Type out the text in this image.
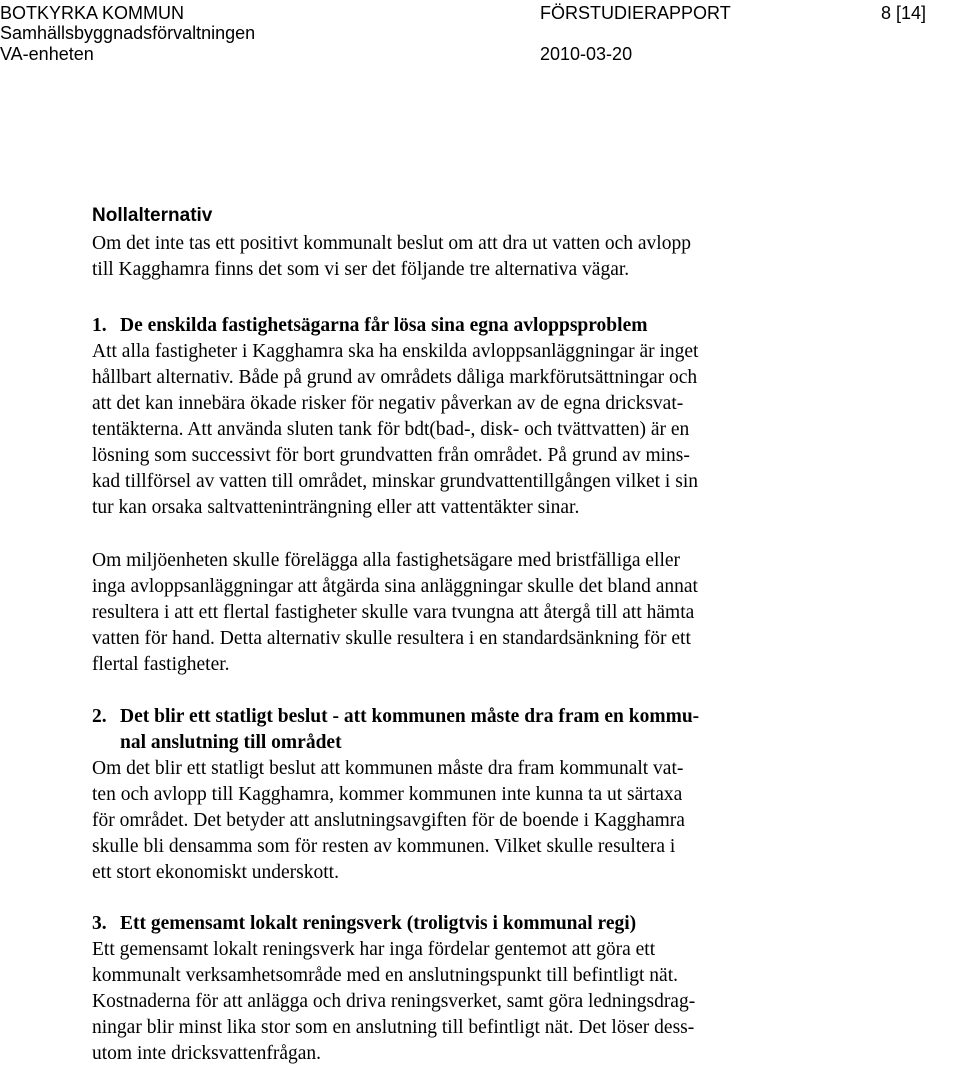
BOTKYRKA KOMMUN
Samhällsbyggnadsförvaltningen
VA-enheten
FÖRSTUDIERAPPORT
2010-03-20
8 [14]
Nollalternativ
Om det inte tas ett positivt kommunalt beslut om att dra ut vatten och avlopp
till Kagghamra finns det som vi ser det följande tre alternativa vägar.
1. De enskilda fastighetsägarna får lösa sina egna avloppsproblem
Att alla fastigheter i Kagghamra ska ha enskilda avloppsanläggningar är inget
hållbart alternativ. Både på grund av områdets dåliga markförutsättningar och
att det kan innebära ökade risker för negativ påverkan av de egna dricksvat-
tentäkterna. Att använda sluten tank för bdt(bad-, disk- och tvättvatten) är en
lösning som successivt för bort grundvatten från området. På grund av mins-
kad tillförsel av vatten till området, minskar grundvattentillgången vilket i sin
tur kan orsaka saltvatteninträngning eller att vattentäkter sinar.
Om miljöenheten skulle förelägga alla fastighetsägare med bristfälliga eller
inga avloppsanläggningar att åtgärda sina anläggningar skulle det bland annat
resultera i att ett flertal fastigheter skulle vara tvungna att återgå till att hämta
vatten för hand. Detta alternativ skulle resultera i en standardsänkning för ett
flertal fastigheter.
2. Det blir ett statligt beslut - att kommunen måste dra fram en kommu-
nal anslutning till området
Om det blir ett statligt beslut att kommunen måste dra fram kommunalt vat-
ten och avlopp till Kagghamra, kommer kommunen inte kunna ta ut särtaxa
för området. Det betyder att anslutningsavgiften för de boende i Kagghamra
skulle bli densamma som för resten av kommunen. Vilket skulle resultera i
ett stort ekonomiskt underskott.
3. Ett gemensamt lokalt reningsverk (troligtvis i kommunal regi)
Ett gemensamt lokalt reningsverk har inga fördelar gentemot att göra ett
kommunalt verksamhetsområde med en anslutningspunkt till befintligt nät.
Kostnaderna för att anlägga och driva reningsverket, samt göra ledningsdrag-
ningar blir minst lika stor som en anslutning till befintligt nät. Det löser dess-
utom inte dricksvattenfrågan.
